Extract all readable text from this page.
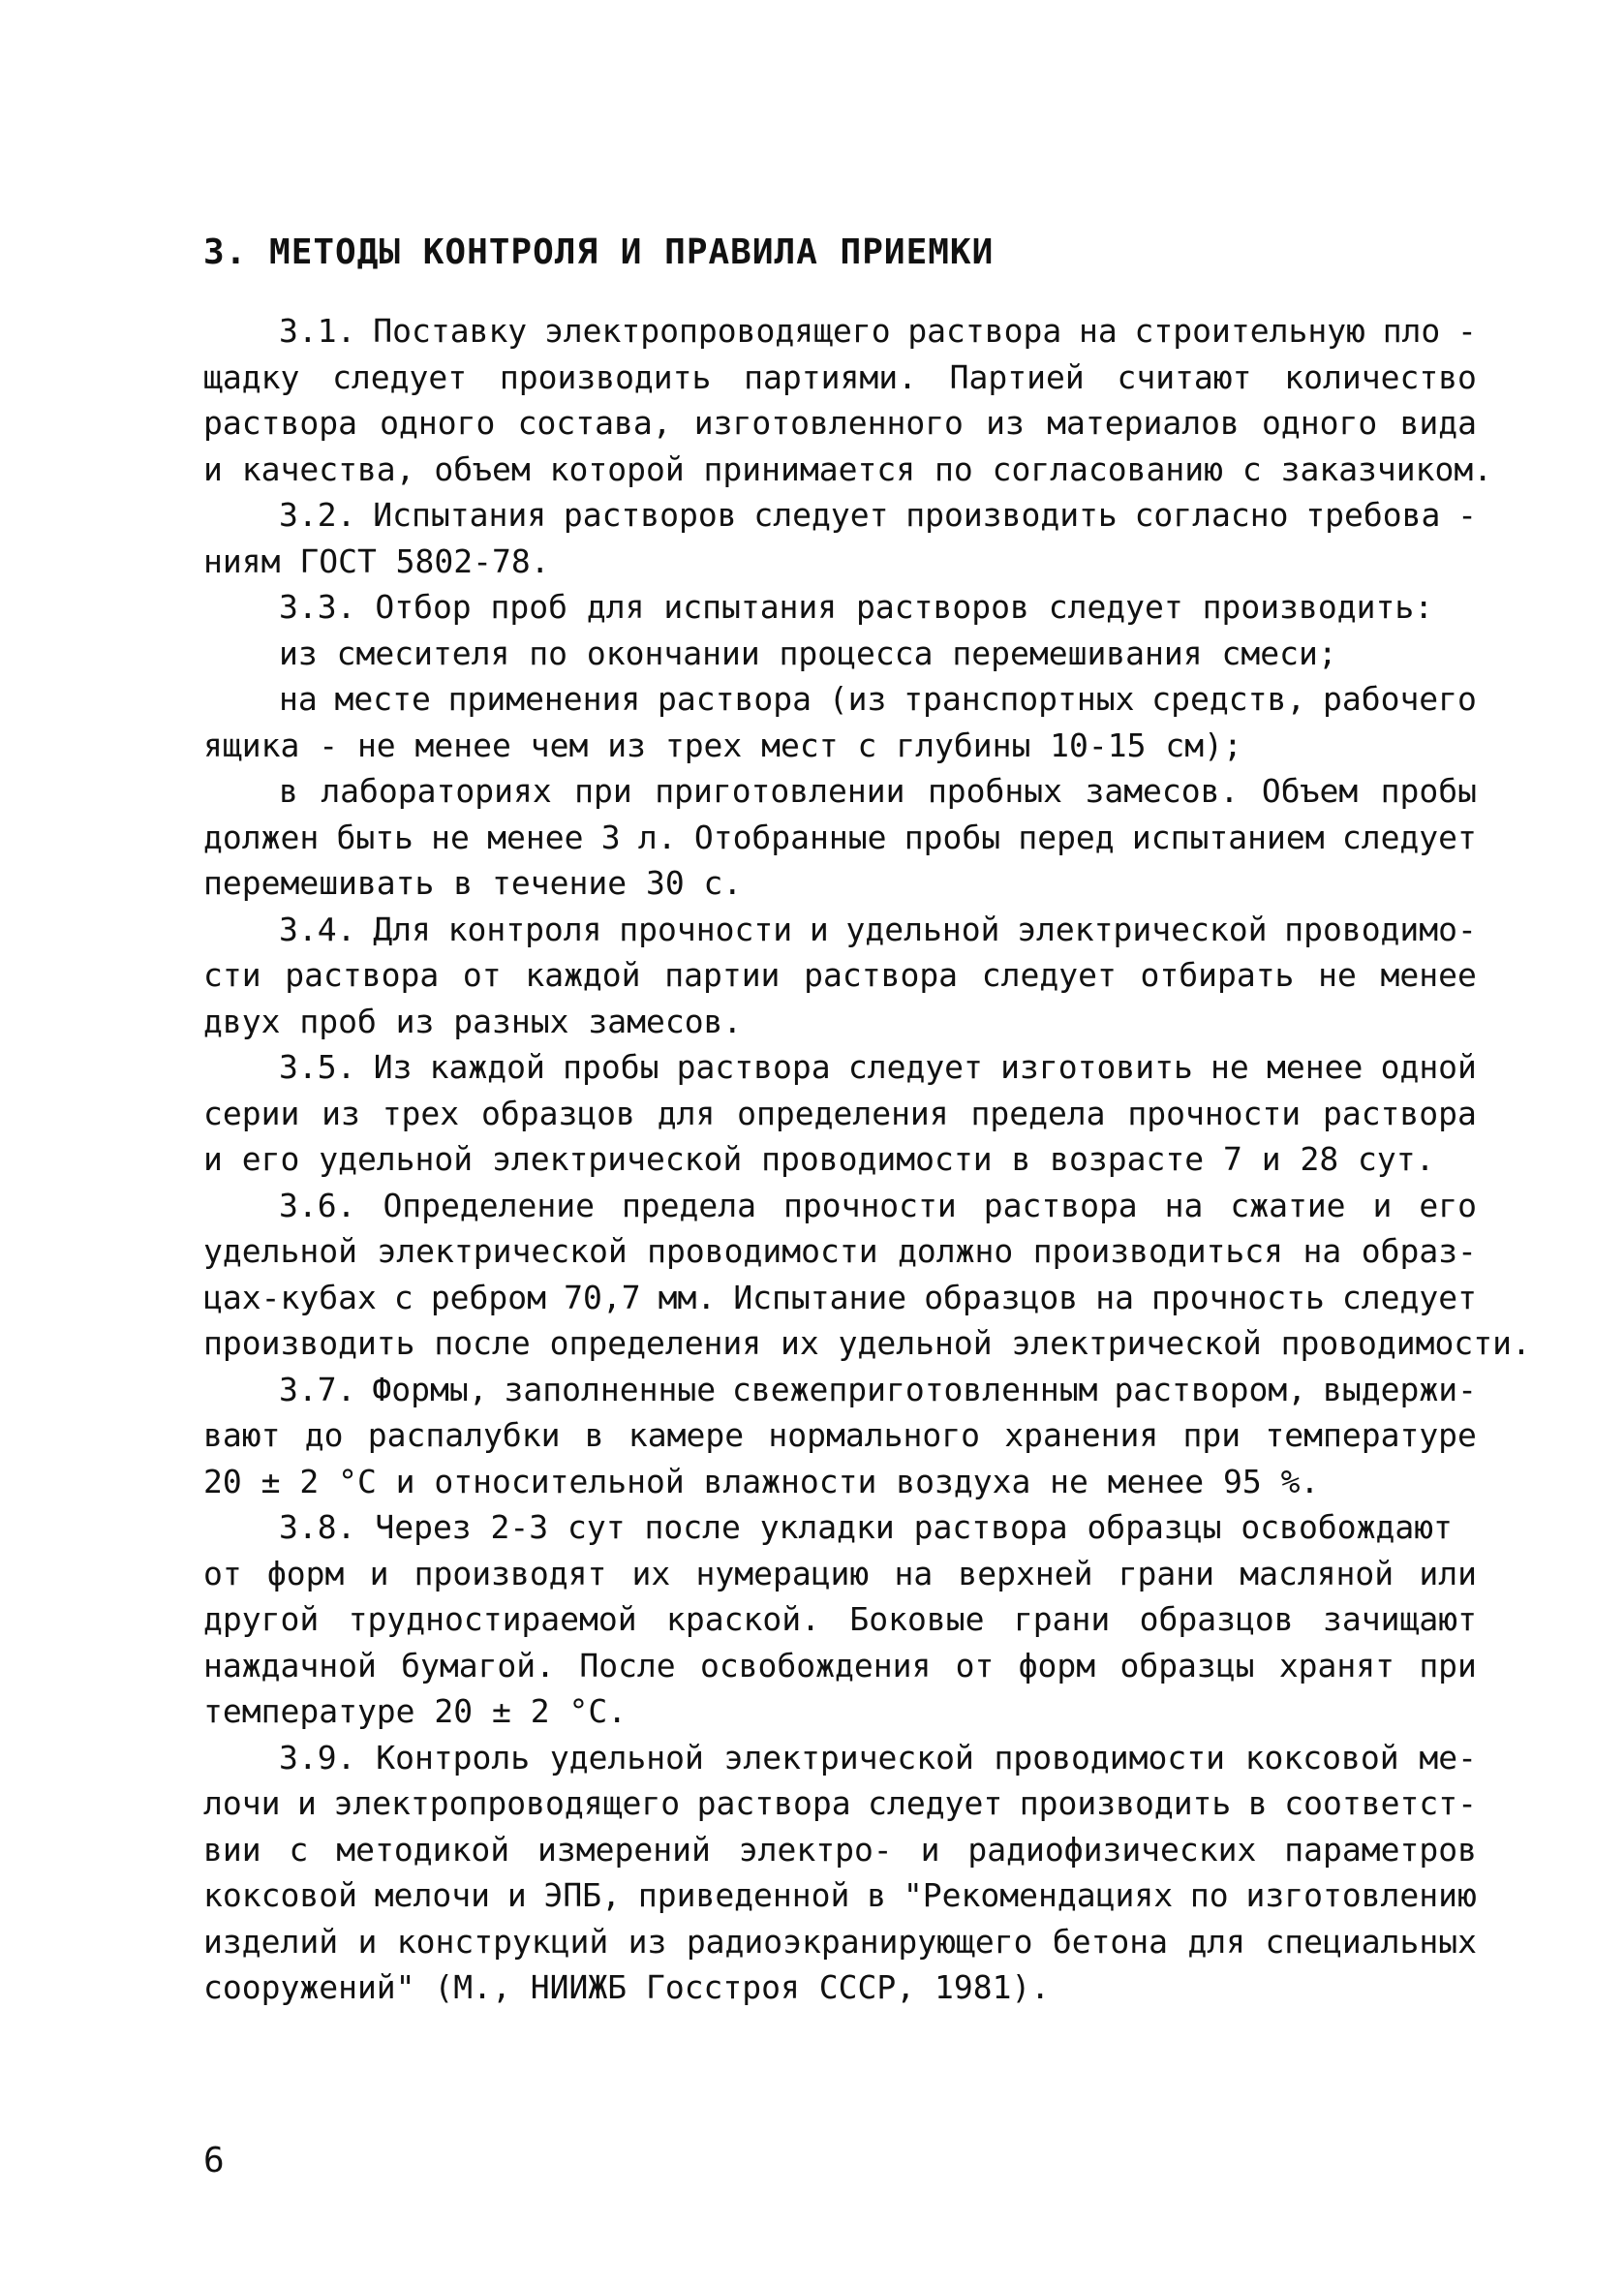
3. МЕТОДЫ КОНТРОЛЯ И ПРАВИЛА ПРИЕМКИ
3.1. Поставку электропроводящего раствора на строительную пло -
щадку следует производить партиями. Партией считают количество
раствора одного состава, изготовленного из материалов одного вида
и качества, объем которой принимается по согласованию с заказчиком.
3.2. Испытания растворов следует производить согласно требова -
ниям ГОСТ 5802-78.
3.3. Отбор проб для испытания растворов следует производить:
из смесителя по окончании процесса перемешивания смеси;
на месте применения раствора (из транспортных средств, рабочего
ящика - не менее чем из трех мест с глубины 10-15 см);
в лабораториях при приготовлении пробных замесов. Объем пробы
должен быть не менее 3 л. Отобранные пробы перед испытанием следует
перемешивать в течение 30 с.
3.4. Для контроля прочности и удельной электрической проводимо-
сти раствора от каждой партии раствора следует отбирать не менее
двух проб из разных замесов.
3.5. Из каждой пробы раствора следует изготовить не менее одной
серии из трех образцов для определения предела прочности раствора
и его удельной электрической проводимости в возрасте 7 и 28 сут.
3.6. Определение предела прочности раствора на сжатие и его
удельной электрической проводимости должно производиться на образ-
цах-кубах с ребром 70,7 мм. Испытание образцов на прочность следует
производить после определения их удельной электрической проводимости.
3.7. Формы, заполненные свежеприготовленным раствором, выдержи-
вают до распалубки в камере нормального хранения при температуре
20 ± 2 °С и относительной влажности воздуха не менее 95 %.
3.8. Через 2-3 сут после укладки раствора образцы освобождают
от форм и производят их нумерацию на верхней грани масляной или
другой трудностираемой краской. Боковые грани образцов зачищают
наждачной бумагой. После освобождения от форм образцы хранят при
температуре 20 ± 2 °С.
3.9. Контроль удельной электрической проводимости коксовой ме-
лочи и электропроводящего раствора следует производить в соответст-
вии с методикой измерений электро- и радиофизических параметров
коксовой мелочи и ЭПБ, приведенной в "Рекомендациях по изготовлению
изделий и конструкций из радиоэкранирующего бетона для специальных
сооружений" (М., НИИЖБ Госстроя СССР, 1981).
6
